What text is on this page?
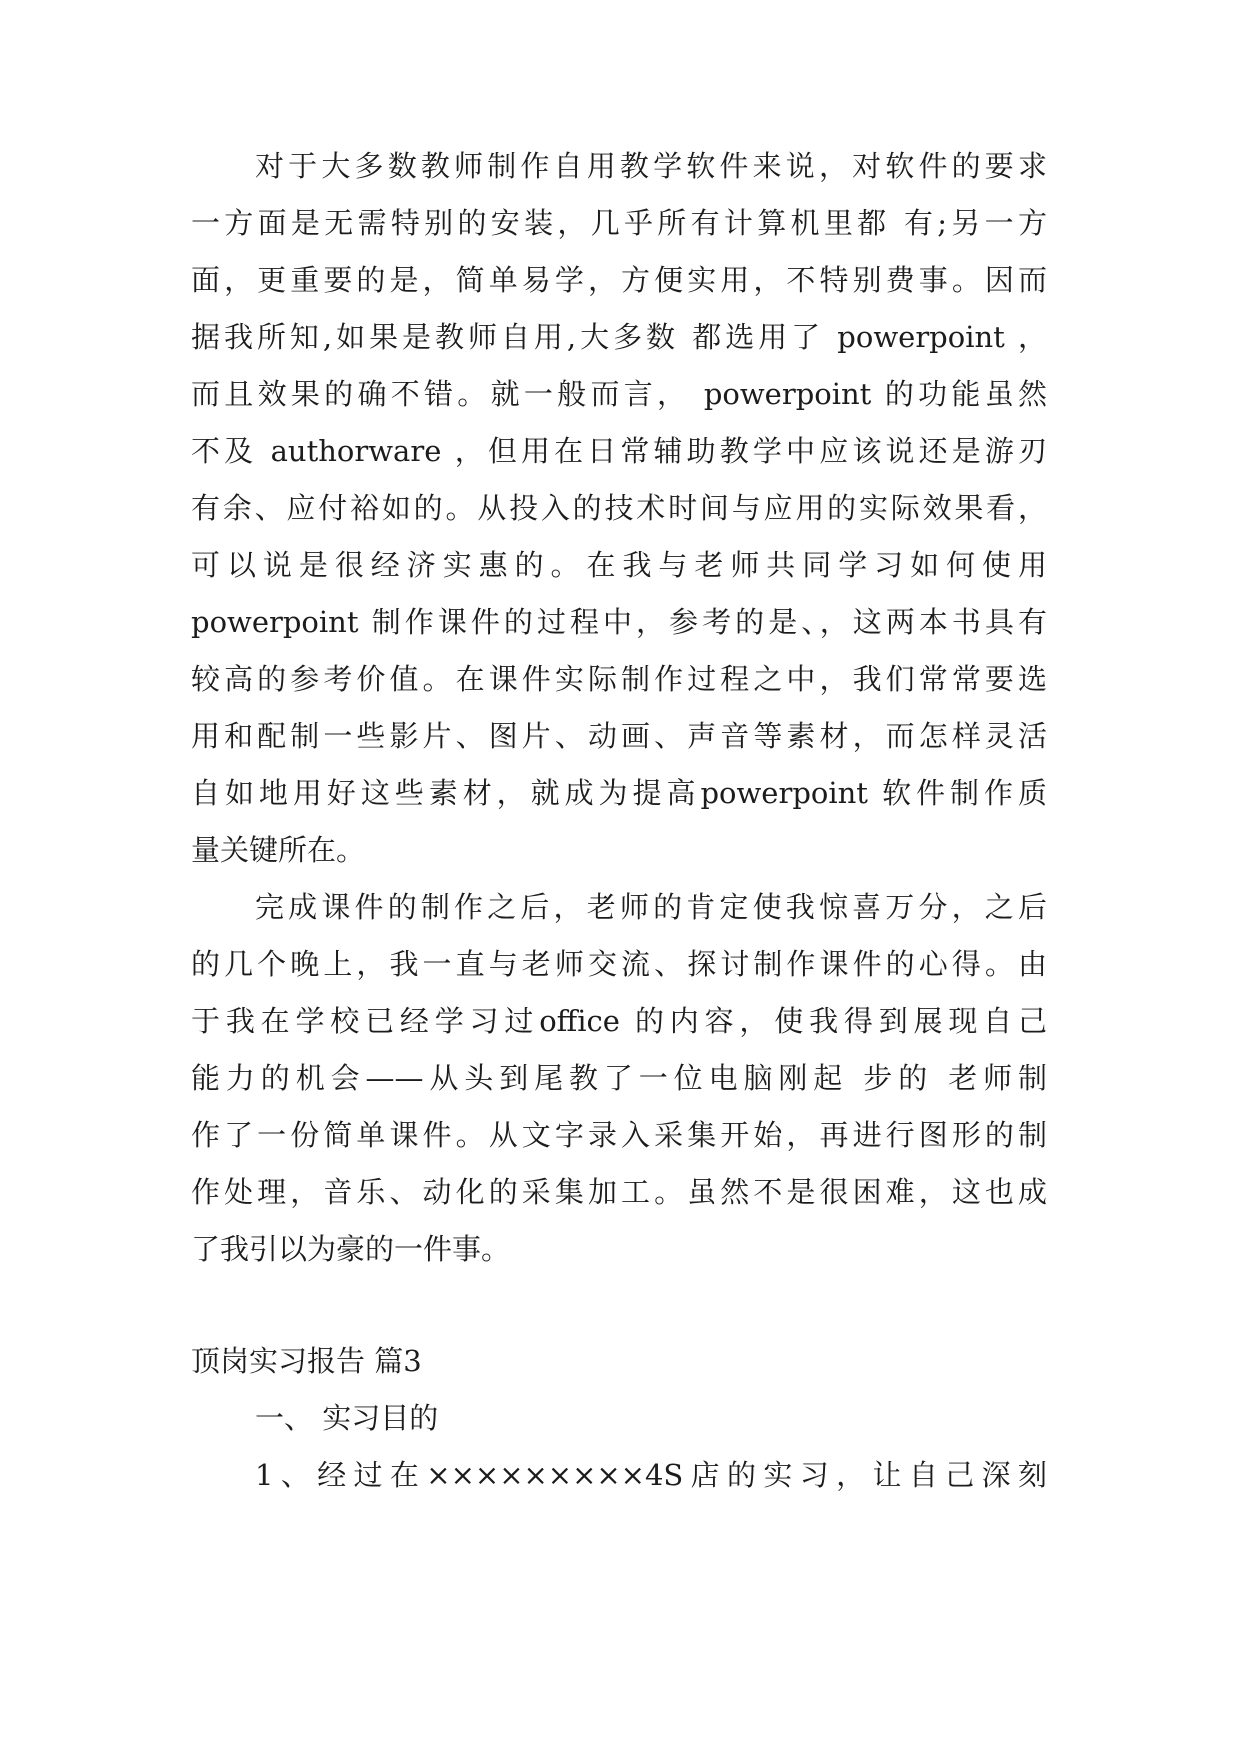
对于大多数教师制作自用教学软件来说，对软件的要求
一方面是无需特别的安装，几乎所有计算机里都 有;另一方
面，更重要的是，简单易学，方便实用，不特别费事。因而
据我所知,如果是教师自用,大多数 都选用了 powerpoint ，
而且效果的确不错。就一般而言， powerpoint 的功能虽然
不及 authorware ，但用在日常辅助教学中应该说还是游刃
有余、应付裕如的。从投入的技术时间与应用的实际效果看，
可以说是很经济实惠的。在我与老师共同学习如何使用
powerpoint 制作课件的过程中，参考的是、，这两本书具有
较高的参考价值。在课件实际制作过程之中，我们常常要选
用和配制一些影片、图片、动画、声音等素材，而怎样灵活
自如地用好这些素材，就成为提高powerpoint 软件制作质
量关键所在。
完成课件的制作之后，老师的肯定使我惊喜万分，之后
的几个晚上，我一直与老师交流、探讨制作课件的心得。由
于我在学校已经学习过office 的内容，使我得到展现自己
能力的机会——从头到尾教了一位电脑刚起 步的 老师制
作了一份简单课件。从文字录入采集开始，再进行图形的制
作处理，音乐、动化的采集加工。虽然不是很困难，这也成
了我引以为豪的一件事。
顶岗实习报告 篇3
一、 实习目的
1、经过在×××××××××4S店的实习，让自己深刻
